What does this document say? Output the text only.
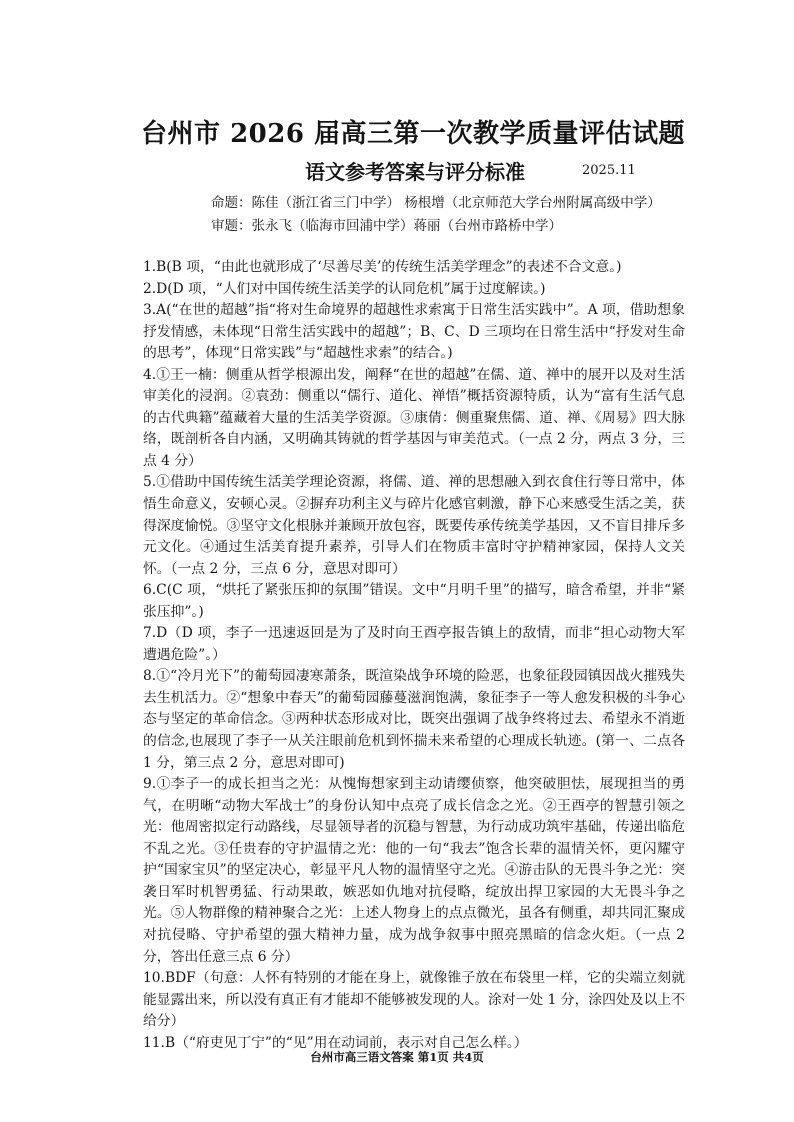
台州市 2026 届高三第一次教学质量评估试题
语文参考答案与评分标准	2025.11
命题：陈佳（浙江省三门中学） 杨根增（北京师范大学台州附属高级中学）
审题：张永飞（临海市回浦中学）蒋丽（台州市路桥中学）

1.B(B 项，“由此也就形成了‘尽善尽美’的传统生活美学理念”的表述不合文意。)

2.D(D 项，“人们对中国传统生活美学的认同危机”属于过度解读。)

3.A(“在世的超越”指“将对生命境界的超越性求索寓于日常生活实践中”。A 项，借助想象抒发情感，未体现“日常生活实践中的超越”；B、C、D 三项均在日常生活中“抒发对生命的思考”，体现“日常实践”与“超越性求索”的结合。)

4.①王一楠：侧重从哲学根源出发，阐释“在世的超越”在儒、道、禅中的展开以及对生活审美化的浸润。②袁劲：侧重以“儒行、道化、禅悟”概括资源特质，认为“富有生活气息的古代典籍”蕴藏着大量的生活美学资源。③康倩：侧重聚焦儒、道、禅、《周易》四大脉络，既剖析各自内涵，又明确其铸就的哲学基因与审美范式。（一点 2 分，两点 3 分，三点 4 分）

5.①借助中国传统生活美学理论资源，将儒、道、禅的思想融入到衣食住行等日常中，体悟生命意义，安顿心灵。②摒弃功利主义与碎片化感官刺激，静下心来感受生活之美，获得深度愉悦。③坚守文化根脉并兼顾开放包容，既要传承传统美学基因，又不盲目排斥多元文化。④通过生活美育提升素养，引导人们在物质丰富时守护精神家园，保持人文关怀。（一点 2 分，三点 6 分，意思对即可）

6.C(C 项，“烘托了紧张压抑的氛围”错误。文中“月明千里”的描写，暗含希望，并非“紧张压抑”。)

7.D（D 项，李子一迅速返回是为了及时向王酉亭报告镇上的敌情，而非“担心动物大军遭遇危险”。）

8.①“冷月光下”的葡萄园凄寒萧条，既渲染战争环境的险恶，也象征段园镇因战火摧残失去生机活力。②“想象中春天”的葡萄园藤蔓滋润饱满，象征李子一等人愈发积极的斗争心态与坚定的革命信念。③两种状态形成对比，既突出强调了战争终将过去、希望永不消逝的信念,也展现了李子一从关注眼前危机到怀揣未来希望的心理成长轨迹。(第一、二点各 1 分，第三点 2 分，意思对即可)

9.①李子一的成长担当之光：从愧悔想家到主动请缨侦察，他突破胆怯，展现担当的勇气，在明晰“动物大军战士”的身份认知中点亮了成长信念之光。②王酉亭的智慧引领之光：他周密拟定行动路线，尽显领导者的沉稳与智慧，为行动成功筑牢基础，传递出临危不乱之光。③任贵春的守护温情之光：他的一句“我去”饱含长辈的温情关怀，更闪耀守护“国家宝贝”的坚定决心，彰显平凡人物的温情坚守之光。④游击队的无畏斗争之光：突袭日军时机智勇猛、行动果敢，嫉恶如仇地对抗侵略，绽放出捍卫家园的大无畏斗争之光。⑤人物群像的精神聚合之光：上述人物身上的点点微光，虽各有侧重，却共同汇聚成对抗侵略、守护希望的强大精神力量，成为战争叙事中照亮黑暗的信念火炬。（一点 2 分，答出任意三点 6 分）

10.BDF（句意：人怀有特别的才能在身上，就像锥子放在布袋里一样，它的尖端立刻就能显露出来，所以没有真正有才能却不能够被发现的人。涂对一处 1 分，涂四处及以上不给分）

11.B（“府吏见丁宁”的“见”用在动词前，表示对自己怎么样。）

台州市高三语文答案 第1页 共4页
